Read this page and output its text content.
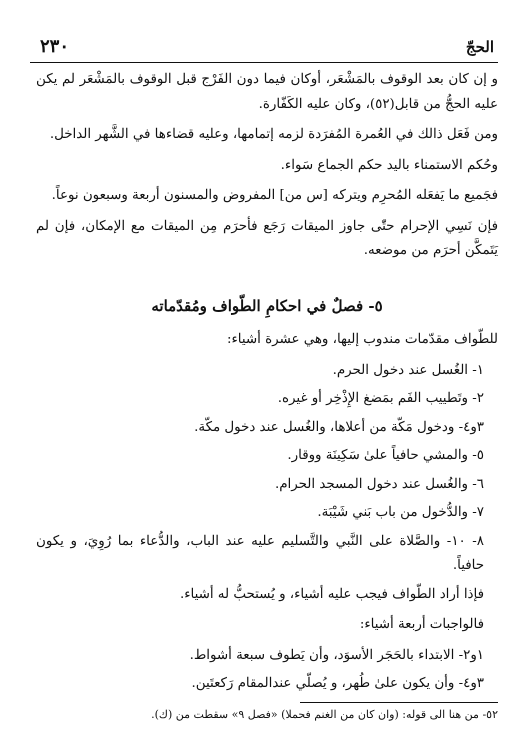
الحجّ
٢٣٠

و إن كان بعد الوقوف بالمَشْعَر، أوكان فيما دون الفَرْج قبل الوقوف بالمَشْعَر لم يكن عليه الحجُّ من قابل(٥٢)، وكان عليه الكَفّارة.

ومن فَعَل ذالك في العُمرة المُفرَدة لزمه إتمامها، وعليه قضاءها في الشَّهر الداخل.

وحُكم الاستمناء باليد حكم الجماع سَواء.

فجَميع ما يَفعَله المُحرِم ويتركه [س من] المفروض والمسنون أربعة وسبعون نوعاً.

فإن نَسِي الإحرام حتّٰى جاوز الميقات رَجَع فأحرَم مِن الميقات مع الإمكان، فإن لم يَتَمكَّن أحرَم من موضعه.

٥- فصلٌ في احكامِ الطّواف ومُقدّماته

للطّواف مقدّمات مندوب إليها، وهي عشرة أشياء:

١- الغُسل عند دخول الحرم.
٢- وتَطييب الفَم بمَضغ الإِذْخِر أو غيره.
٣و٤- ودخول مَكّة من أعلاها، والغُسل عند دخول مكّة.
٥- والمشي حافياً علىٰ سَكِينَة ووقار.
٦- والغُسل عند دخول المسجد الحرام.
٧- والدُّخول من باب بَني شَيْبَة.
٨- ١٠- والصَّلاة على النَّبي والتَّسليم عليه عند الباب، والدُّعاء بما رُوِيَ، و يكون حافياً.

فإذا أراد الطّواف فيجب عليه أشياء، و يُستحبُّ له أشياء.

فالواجبات أربعة أشياء:

١و٢- الابتداء بالحَجَر الأسوَد، وأن يَطوف سبعة أشواط.
٣و٤- وأن يكون علىٰ طُهر، و يُصلّي عندالمقام رَكعتَين.
٥٢- من هنا الى قوله: (وان كان من الغنم فحملا) «فصل ٩» سقطت من (ك).
